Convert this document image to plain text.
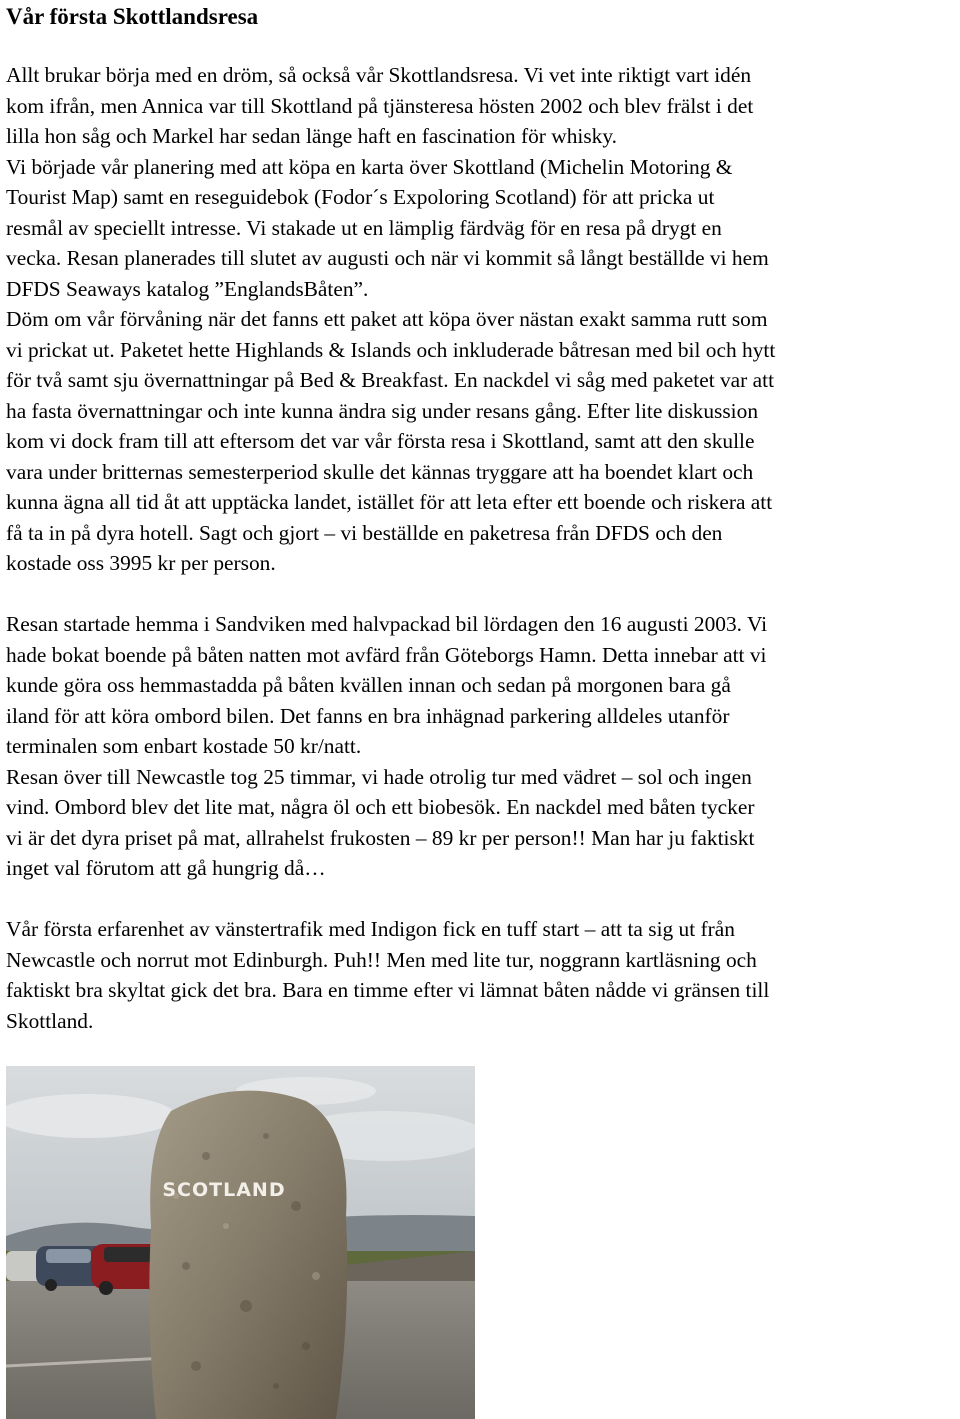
Vår första Skottlandsresa

Allt brukar börja med en dröm, så också vår Skottlandsresa. Vi vet inte riktigt vart idén
kom ifrån, men Annica var till Skottland på tjänsteresa hösten 2002 och blev frälst i det
lilla hon såg och Markel har sedan länge haft en fascination för whisky.
Vi började vår planering med att köpa en karta över Skottland (Michelin Motoring &
Tourist Map) samt en reseguidebok (Fodor´s Expoloring Scotland) för att pricka ut
resmål av speciellt intresse. Vi stakade ut en lämplig färdväg för en resa på drygt en
vecka. Resan planerades till slutet av augusti och när vi kommit så långt beställde vi hem
DFDS Seaways katalog ”EnglandsBåten”.
Döm om vår förvåning när det fanns ett paket att köpa över nästan exakt samma rutt som
vi prickat ut. Paketet hette Highlands & Islands och inkluderade båtresan med bil och hytt
för två samt sju övernattningar på Bed & Breakfast. En nackdel vi såg med paketet var att
ha fasta övernattningar och inte kunna ändra sig under resans gång. Efter lite diskussion
kom vi dock fram till att eftersom det var vår första resa i Skottland, samt att den skulle
vara under britternas semesterperiod skulle det kännas tryggare att ha boendet klart och
kunna ägna all tid åt att upptäcka landet, istället för att leta efter ett boende och riskera att
få ta in på dyra hotell. Sagt och gjort – vi beställde en paketresa från DFDS och den
kostade oss 3995 kr per person.

Resan startade hemma i Sandviken med halvpackad bil lördagen den 16 augusti 2003. Vi
hade bokat boende på båten natten mot avfärd från Göteborgs Hamn. Detta innebar att vi
kunde göra oss hemmastadda på båten kvällen innan och sedan på morgonen bara gå
iland för att köra ombord bilen. Det fanns en bra inhägnad parkering alldeles utanför
terminalen som enbart kostade 50 kr/natt.
Resan över till Newcastle tog 25 timmar, vi hade otrolig tur med vädret – sol och ingen
vind. Ombord blev det lite mat, några öl och ett biobesök. En nackdel med båten tycker
vi är det dyra priset på mat, allrahelst frukosten – 89 kr per person!! Man har ju faktiskt
inget val förutom att gå hungrig då…

Vår första erfarenhet av vänstertrafik med Indigon fick en tuff start – att ta sig ut från
Newcastle och norrut mot Edinburgh. Puh!! Men med lite tur, noggrann kartläsning och
faktiskt bra skyltat gick det bra. Bara en timme efter vi lämnat båten nådde vi gränsen till
Skottland.

SCOTLAND
